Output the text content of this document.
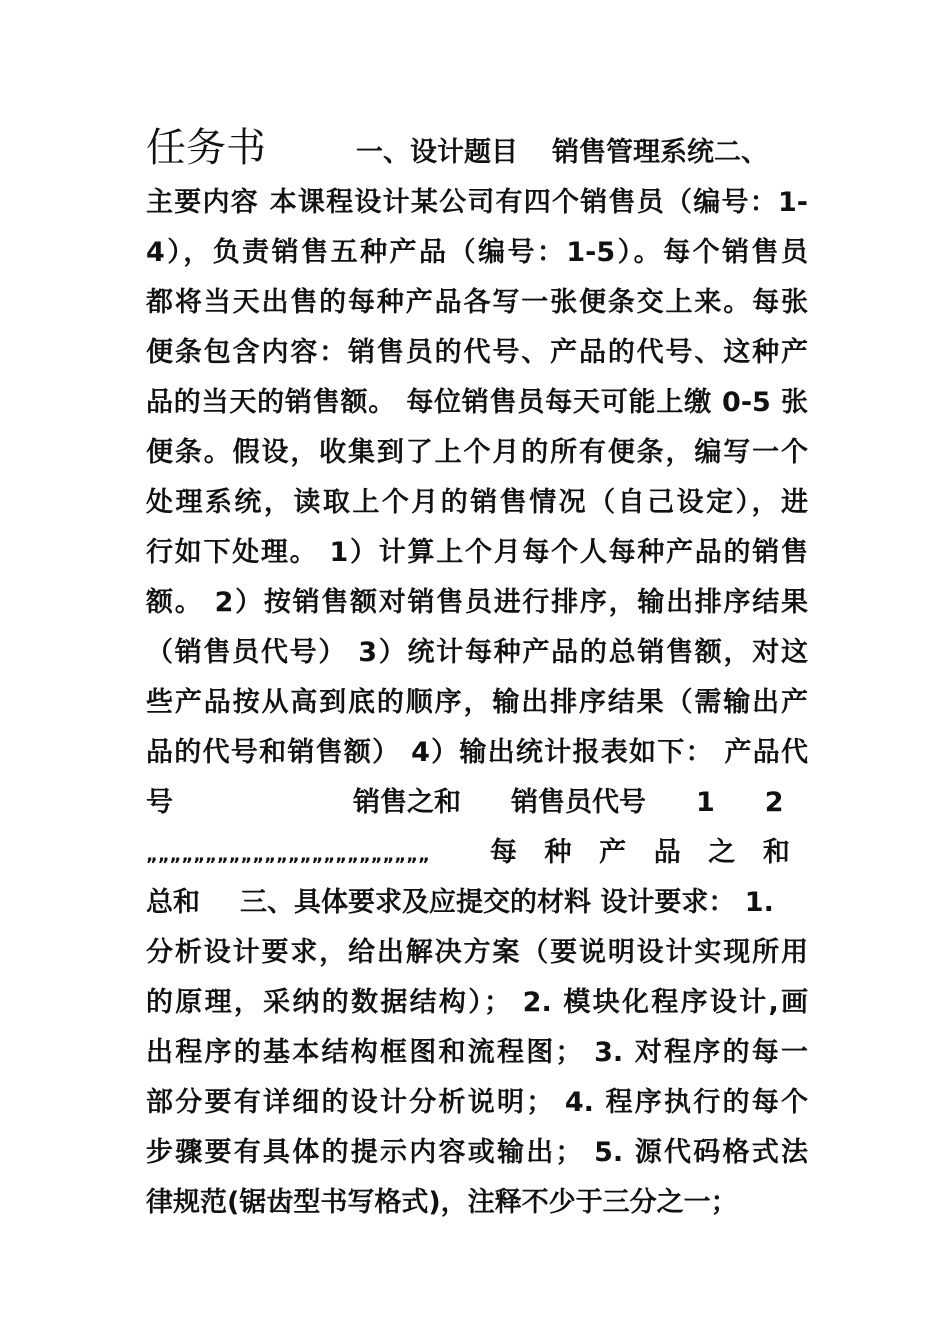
任务书	一、设计题目 销售管理系统二、
主要内容 本课程设计某公司有四个销售员（编号：1-
4），负责销售五种产品（编号：1-5）。每个销售员
都将当天出售的每种产品各写一张便条交上来。每张
便条包含内容：销售员的代号、产品的代号、这种产
品的当天的销售额。 每位销售员每天可能上缴 0-5 张
便条。假设，收集到了上个月的所有便条，编写一个
处理系统，读取上个月的销售情况（自己设定），进
行如下处理。 1）计算上个月每个人每种产品的销售
额。 2）按销售额对销售员进行排序，输出排序结果
（销售员代号） 3）统计每种产品的总销售额，对这
些产品按从高到底的顺序，输出排序结果（需输出产
品的代号和销售额） 4）输出统计报表如下： 产品代
号	销售之和 销售员代号 1 2
„„„„„„„„„„„„„„„„„„„„„„„„ 每 种 产 品 之 和
总和 三、具体要求及应提交的材料 设计要求： 1.
分析设计要求，给出解决方案（要说明设计实现所用
的原理，采纳的数据结构）； 2. 模块化程序设计,画
出程序的基本结构框图和流程图； 3. 对程序的每一
部分要有详细的设计分析说明； 4. 程序执行的每个
步骤要有具体的提示内容或输出； 5. 源代码格式法
律规范(锯齿型书写格式)，注释不少于三分之一；
